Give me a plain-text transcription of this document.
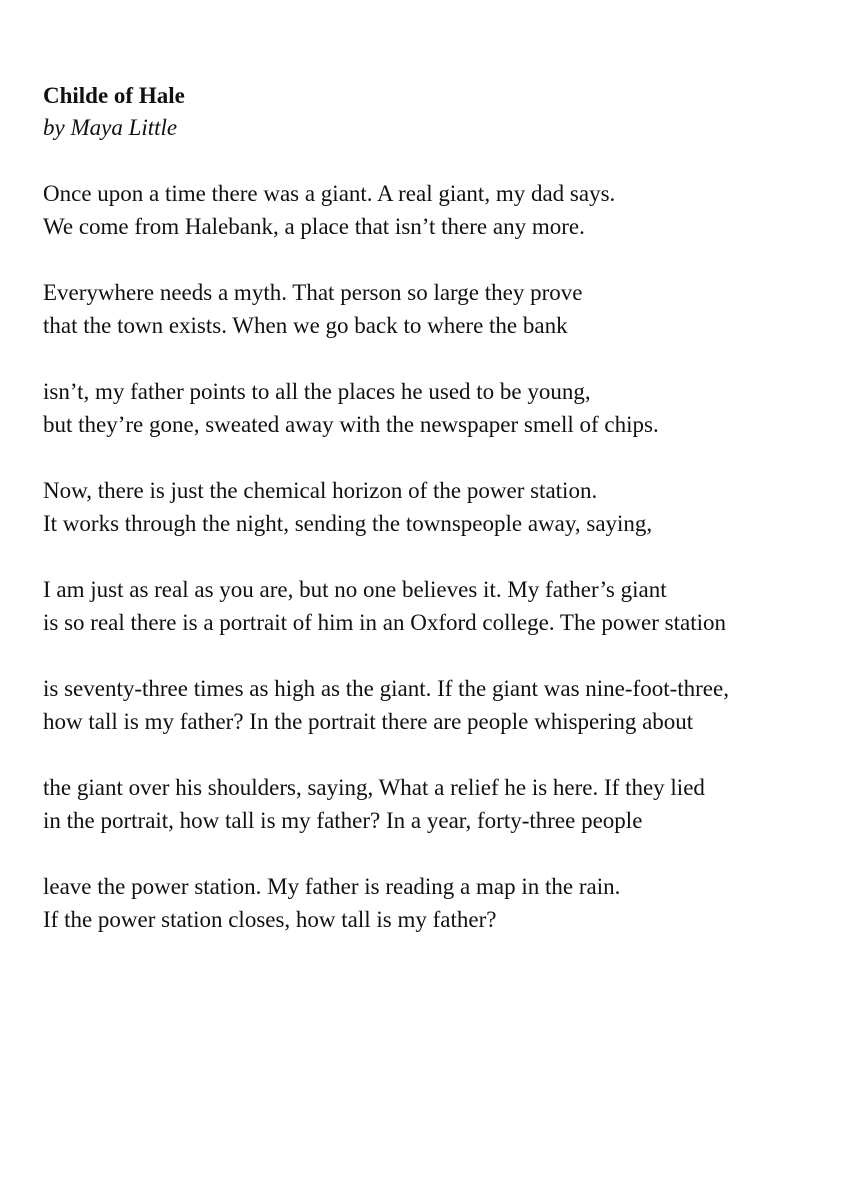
Childe of Hale

by Maya Little

Once upon a time there was a giant. A real giant, my dad says.
We come from Halebank, a place that isn’t there any more.

Everywhere needs a myth. That person so large they prove
that the town exists. When we go back to where the bank

isn’t, my father points to all the places he used to be young,
but they’re gone, sweated away with the newspaper smell of chips.

Now, there is just the chemical horizon of the power station.
It works through the night, sending the townspeople away, saying,

I am just as real as you are, but no one believes it. My father’s giant
is so real there is a portrait of him in an Oxford college. The power station

is seventy-three times as high as the giant. If the giant was nine-foot-three,
how tall is my father? In the portrait there are people whispering about

the giant over his shoulders, saying, What a relief he is here. If they lied
in the portrait, how tall is my father? In a year, forty-three people

leave the power station. My father is reading a map in the rain.
If the power station closes, how tall is my father?
